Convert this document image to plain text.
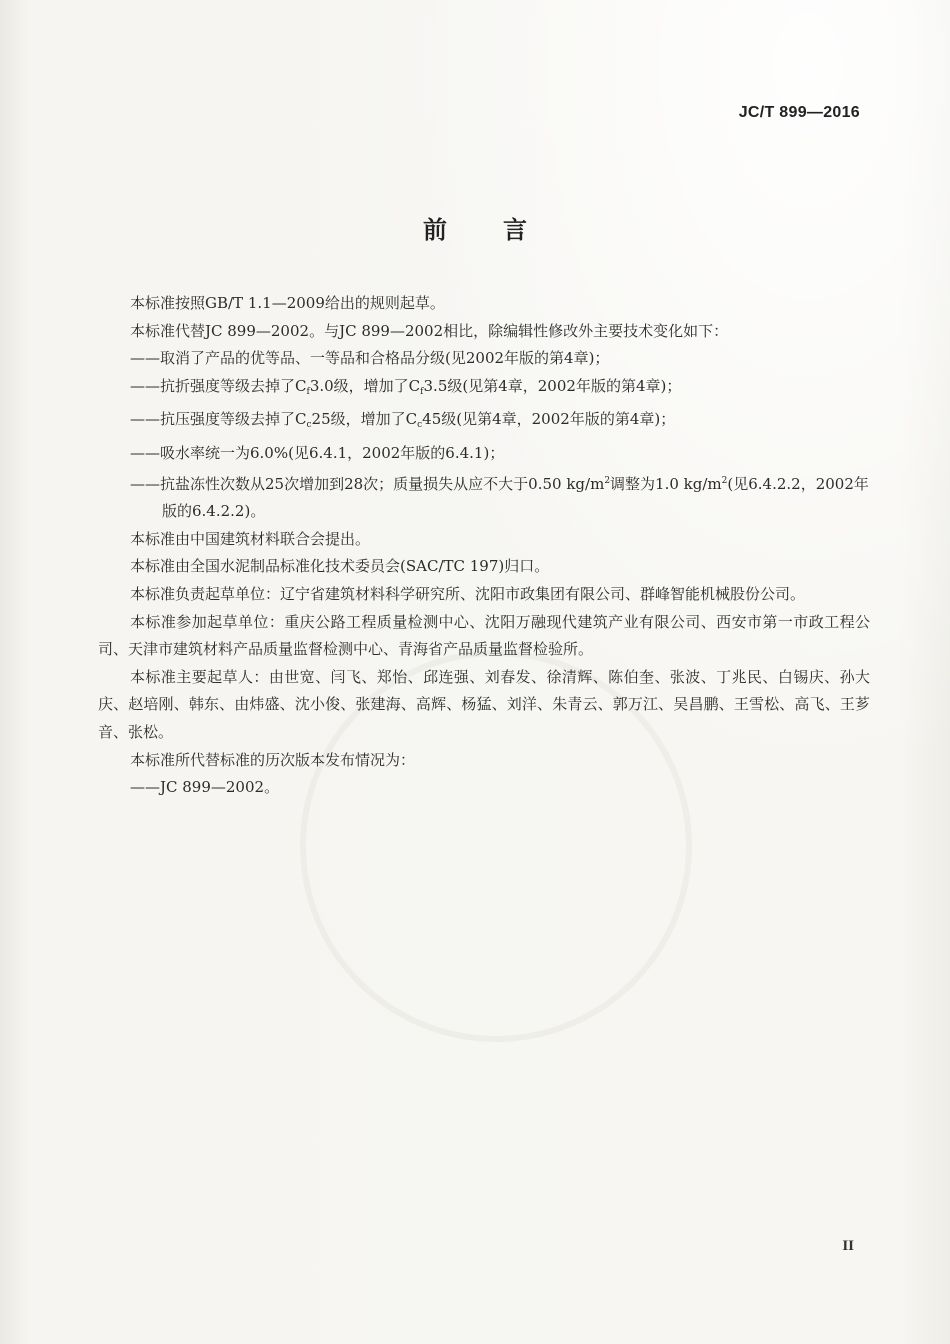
JC/T 899—2016
前言

本标准按照GB/T 1.1—2009给出的规则起草。

本标准代替JC 899—2002。与JC 899—2002相比，除编辑性修改外主要技术变化如下：

——取消了产品的优等品、一等品和合格品分级(见2002年版的第4章)；

——抗折强度等级去掉了$C_f3.0$级，增加了$C_f3.5$级(见第4章，2002年版的第4章)；

——抗压强度等级去掉了$C_c25$级，增加了$C_c45$级(见第4章，2002年版的第4章)；

——吸水率统一为6.0%(见6.4.1，2002年版的6.4.1)；

——抗盐冻性次数从25次增加到28次；质量损失从应不大于0.50 $kg/m^2$调整为1.0 $kg/m^2$(见6.4.2.2，2002年版的6.4.2.2)。

本标准由中国建筑材料联合会提出。

本标准由全国水泥制品标准化技术委员会(SAC/TC 197)归口。

本标准负责起草单位：辽宁省建筑材料科学研究所、沈阳市政集团有限公司、群峰智能机械股份公司。

本标准参加起草单位：重庆公路工程质量检测中心、沈阳万融现代建筑产业有限公司、西安市第一市政工程公司、天津市建筑材料产品质量监督检测中心、青海省产品质量监督检验所。

本标准主要起草人：由世宽、闫飞、郑怡、邱连强、刘春发、徐清辉、陈伯奎、张波、丁兆民、白锡庆、孙大庆、赵培刚、韩东、由炜盛、沈小俊、张建海、高辉、杨猛、刘洋、朱青云、郭万江、吴昌鹏、王雪松、高飞、王芗音、张松。

本标准所代替标准的历次版本发布情况为：

——JC 899—2002。

II
